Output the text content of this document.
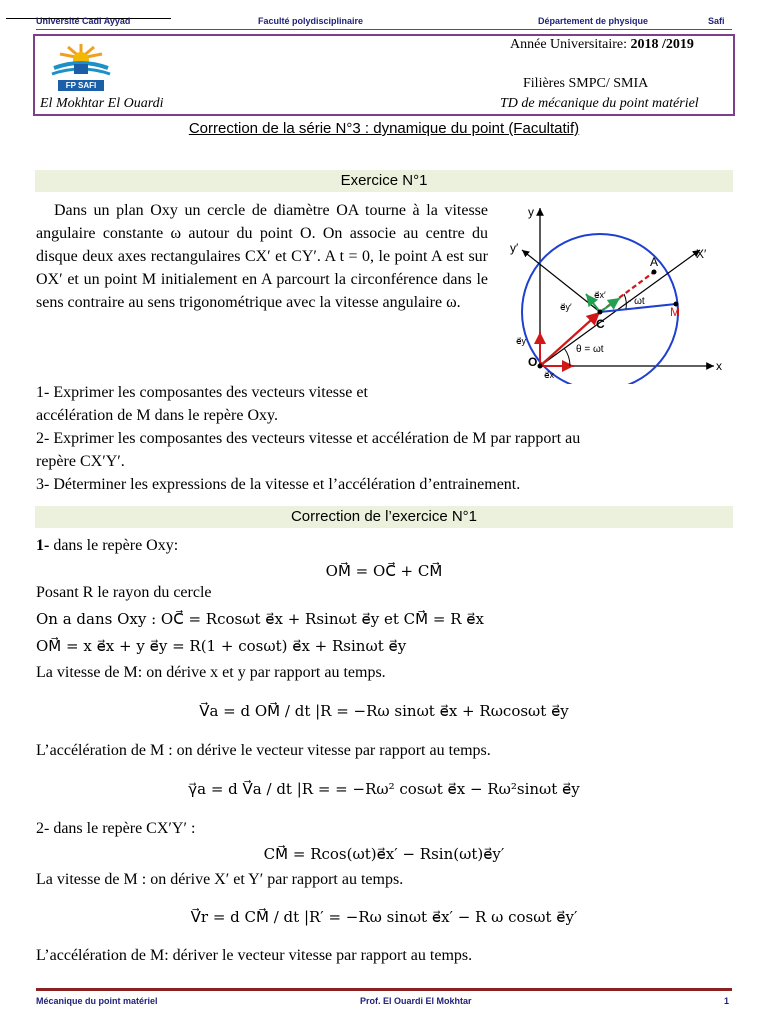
Université Cadi Ayyad	Faculté polydisciplinaire	Département de physique	Safi
FP SAFI
Année Universitaire: 2018 /2019
Filières SMPC/ SMIA
El Mokhtar El Ouardi	TD de mécanique du point matériel
Correction de la série N°3 : dynamique du point (Facultatif)
Exercice N°1
Dans un plan Oxy un cercle de diamètre OA tourne à la vitesse angulaire constante ω autour du point O. On associe au centre du disque deux axes rectangulaires CX′ et CY′. A t = 0, le point A est sur OX′ et un point M initialement en A parcourt la circonférence dans le sens contraire au sens trigonométrique avec la vitesse angulaire ω.
y
y′	X′
x
A
M
C
O
- ωt
θ = ωt
e⃗x
e⃗y
e⃗x′
e⃗y′
1- Exprimer les composantes des vecteurs vitesse et
accélération de M dans le repère Oxy.
2- Exprimer les composantes des vecteurs vitesse et accélération de M par rapport au
repère CX′Y′.
3- Déterminer les expressions de la vitesse et l’accélération d’entrainement.
Correction de l’exercice N°1
1- dans le repère Oxy:
OM⃗ = OC⃗ + CM⃗
Posant R le rayon du cercle
On a dans Oxy : OC⃗ = Rcosωt e⃗x + Rsinωt e⃗y et CM⃗ = R e⃗x
OM⃗ = x e⃗x + y e⃗y = R(1 + cosωt) e⃗x + Rsinωt e⃗y
La vitesse de M: on dérive x et y par rapport au temps.
V⃗a = d OM⃗ / dt |R = −Rω sinωt e⃗x + Rωcosωt e⃗y
L’accélération de M : on dérive le vecteur vitesse par rapport au temps.
γ⃗a = d V⃗a / dt |R = = −Rω² cosωt e⃗x − Rω²sinωt e⃗y
2- dans le repère CX′Y′ :
CM⃗ = Rcos(ωt)e⃗x′ − Rsin(ωt)e⃗y′
La vitesse de M : on dérive X′ et Y′ par rapport au temps.
V⃗r = d CM⃗ / dt |R′ = −Rω sinωt e⃗x′ − R ω cosωt e⃗y′
L’accélération de M: dériver le vecteur vitesse par rapport au temps.
Mécanique du point matériel	Prof. El Ouardi El Mokhtar	1
